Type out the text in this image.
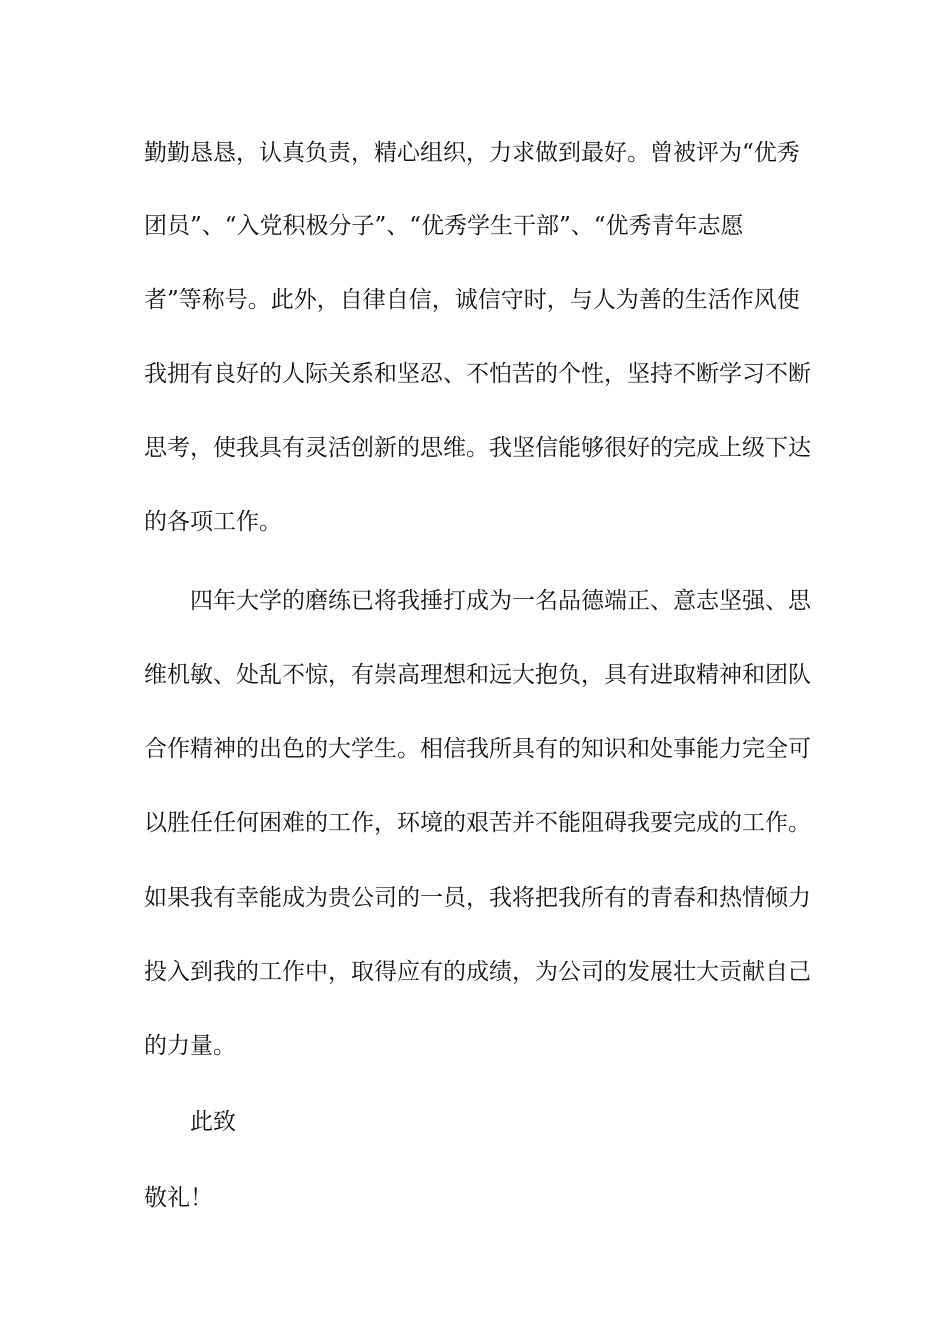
勤勤恳恳，认真负责，精心组织，力求做到最好。曾被评为“优秀
团员”、“入党积极分子”、“优秀学生干部”、“优秀青年志愿
者”等称号。此外，自律自信，诚信守时，与人为善的生活作风使
我拥有良好的人际关系和坚忍、不怕苦的个性，坚持不断学习不断
思考，使我具有灵活创新的思维。我坚信能够很好的完成上级下达
的各项工作。
四年大学的磨练已将我捶打成为一名品德端正、意志坚强、思
维机敏、处乱不惊，有崇高理想和远大抱负，具有进取精神和团队
合作精神的出色的大学生。相信我所具有的知识和处事能力完全可
以胜任任何困难的工作，环境的艰苦并不能阻碍我要完成的工作。
如果我有幸能成为贵公司的一员，我将把我所有的青春和热情倾力
投入到我的工作中，取得应有的成绩，为公司的发展壮大贡献自己
的力量。
此致
敬礼！
